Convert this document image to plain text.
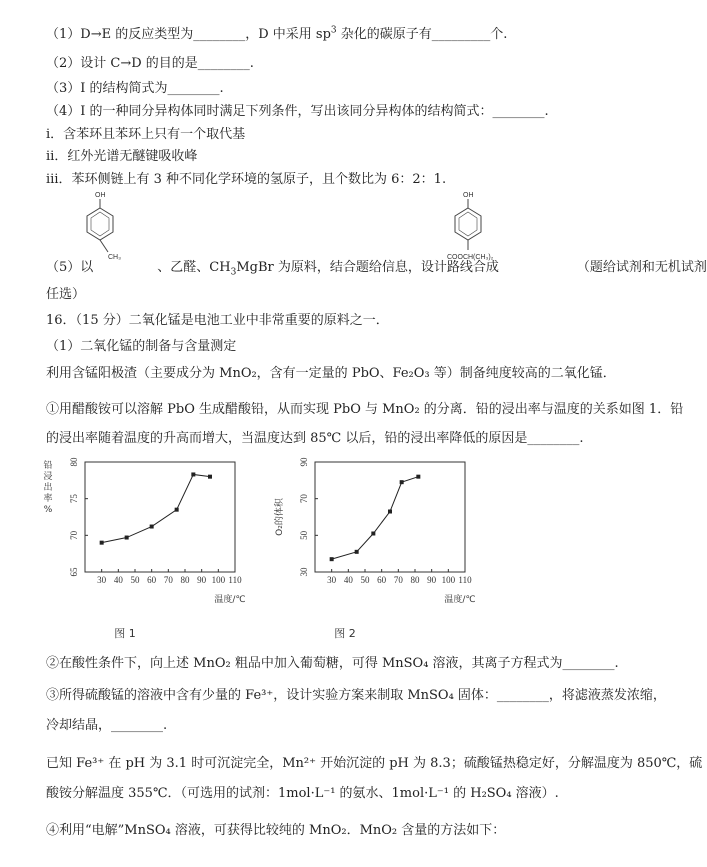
（1）D→E 的反应类型为________，D 中采用 $sp^3$ 杂化的碳原子有_________个.
（2）设计 C→D 的目的是________.
（3）I 的结构简式为________.
（4）I 的一种同分异构体同时满足下列条件，写出该同分异构体的结构简式：________.
ⅰ．含苯环且苯环上只有一个取代基
ⅱ．红外光谱无醚键吸收峰
ⅲ．苯环侧链上有 3 种不同化学环境的氢原子，且个数比为 6：2：1.
OH
CH₃
OH
COOCH(CH₃)₂
（5）以	、乙醛、$CH_3MgBr$ 为原料，结合题给信息，设计路线合成	（题给试剂和无机试剂
任选）
16．（15 分）二氧化锰是电池工业中非常重要的原料之一．
（1）二氧化锰的制备与含量测定
利用含锰阳极渣（主要成分为 MnO₂，含有一定量的 PbO、Fe₂O₃ 等）制备纯度较高的二氧化锰．
①用醋酸铵可以溶解 PbO 生成醋酸铅，从而实现 PbO 与 MnO₂ 的分离．铅的浸出率与温度的关系如图 1．铅
的浸出率随着温度的升高而增大，当温度达到 85℃ 以后，铅的浸出率降低的原因是________.
30 40 50 60 70 80 90 100 110
65
70
75
80
温度/℃
铅
浸
出
率
%
图 1
30 40 50 60 70 80 90 100 110
30
50
70
90
温度/℃
O₂的体积
图 2
②在酸性条件下，向上述 MnO₂ 粗品中加入葡萄糖，可得 MnSO₄ 溶液，其离子方程式为________.
③所得硫酸锰的溶液中含有少量的 Fe³⁺，设计实验方案来制取 MnSO₄ 固体：________，将滤液蒸发浓缩，
冷却结晶，________.
已知 Fe³⁺ 在 pH 为 3.1 时可沉淀完全，Mn²⁺ 开始沉淀的 pH 为 8.3；硫酸锰热稳定好，分解温度为 850℃，硫
酸铵分解温度 355℃．（可选用的试剂：1mol·L⁻¹ 的氨水、1mol·L⁻¹ 的 H₂SO₄ 溶液）.
④利用“电解”MnSO₄ 溶液，可获得比较纯的 MnO₂．MnO₂ 含量的方法如下：
